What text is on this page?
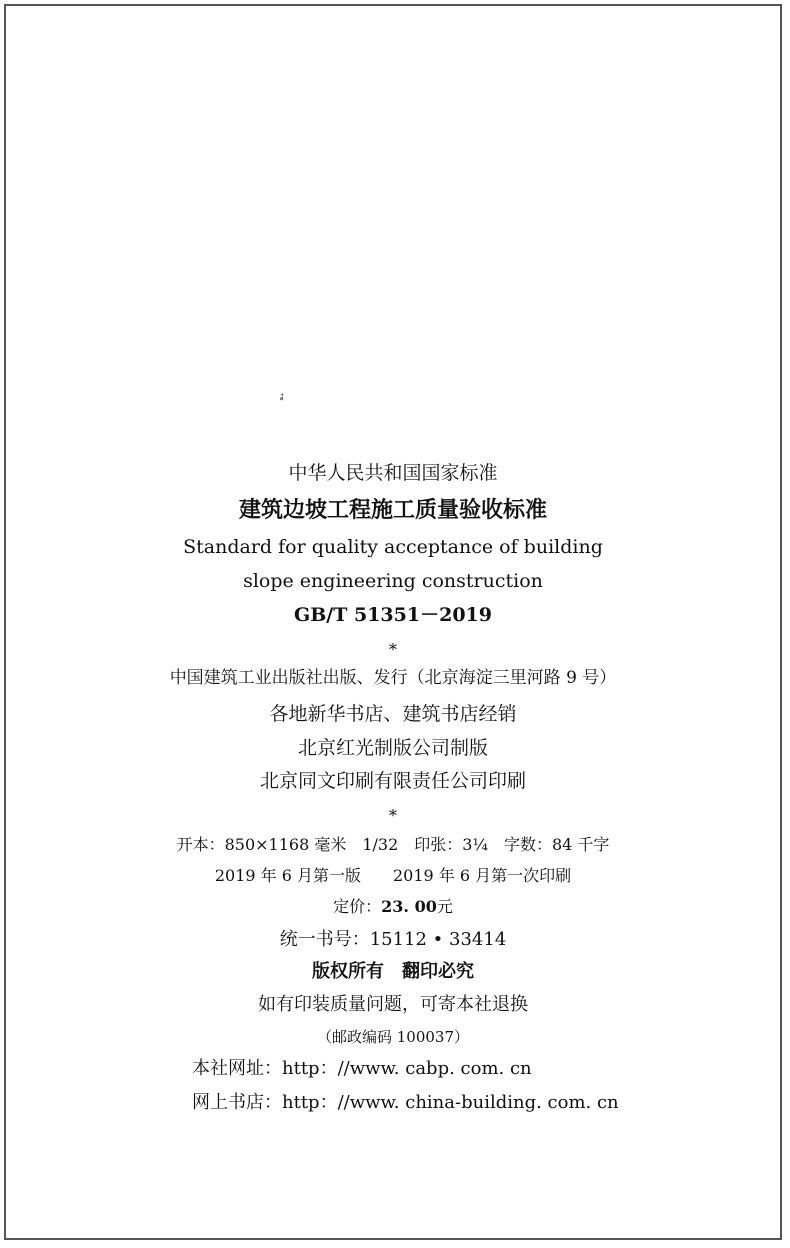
➶
中华人民共和国国家标准
建筑边坡工程施工质量验收标准
Standard for quality acceptance of building
slope engineering construction
GB/T 51351－2019
*
中国建筑工业出版社出版、发行（北京海淀三里河路 9 号）
各地新华书店、建筑书店经销
北京红光制版公司制版
北京同文印刷有限责任公司印刷
*
开本：850×1168 毫米　1/32　印张：3¼　字数：84 千字
2019 年 6 月第一版　　2019 年 6 月第一次印刷
定价：23. 00元
统一书号：15112 • 33414
版权所有　翻印必究
如有印装质量问题，可寄本社退换
（邮政编码 100037）
本社网址：http：//www. cabp. com. cn
网上书店：http：//www. china-building. com. cn
